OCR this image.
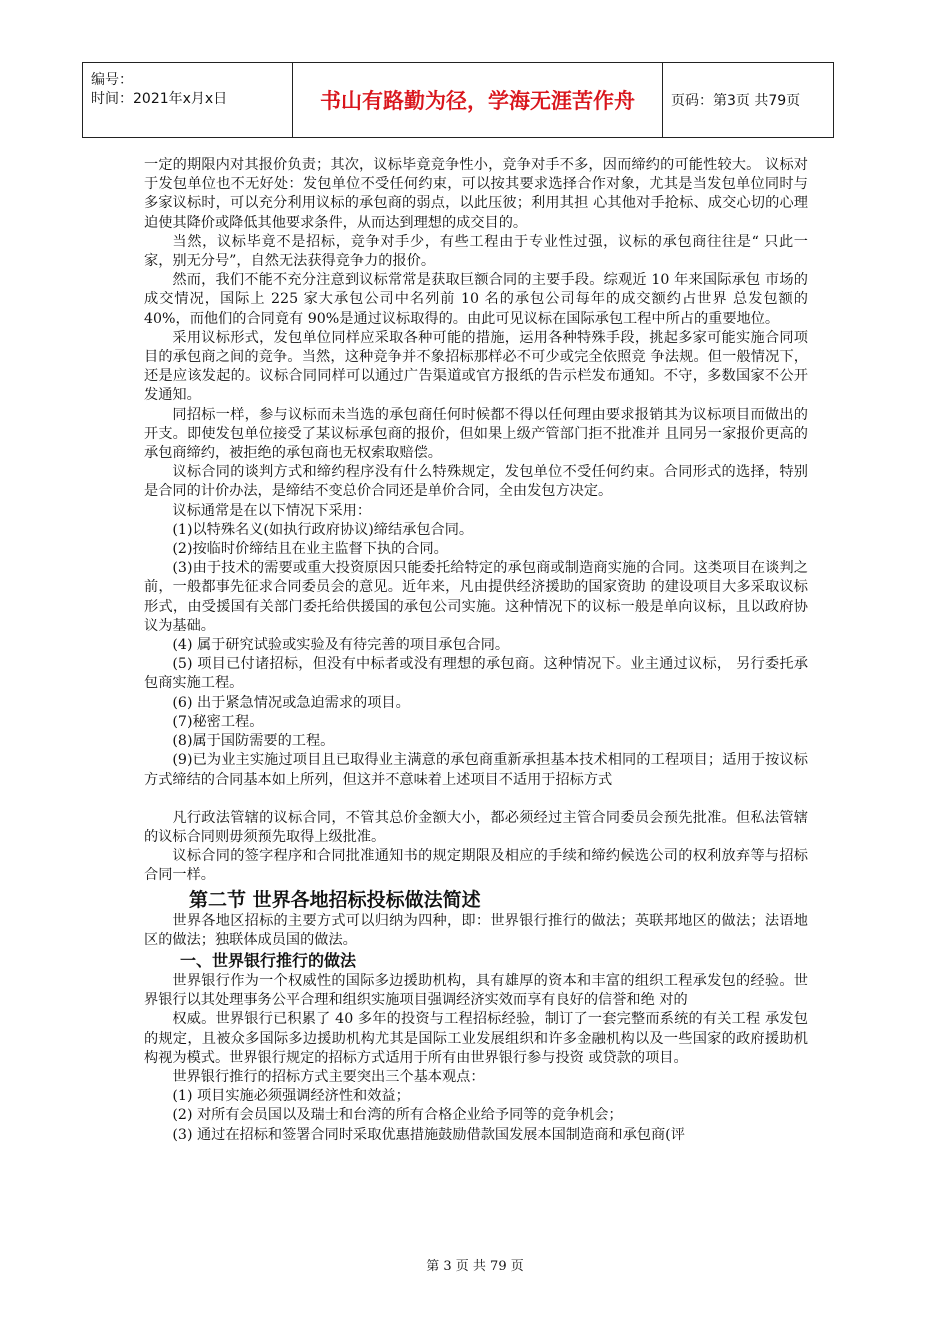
编号：
时间：2021年x月x日	书山有路勤为径，学海无涯苦作舟	页码：第3页 共79页

一定的期限内对其报价负责；其次，议标毕竟竞争性小，竞争对手不多，因而缔约的可能性较大。 议标对于发包单位也不无好处：发包单位不受任何约束，可以按其要求选择合作对象，尤其是当发包单位同时与多家议标时，可以充分利用议标的承包商的弱点，以此压彼；利用其担 心其他对手抢标、成交心切的心理迫使其降价或降低其他要求条件，从而达到理想的成交目的。

当然，议标毕竟不是招标，竞争对手少，有些工程由于专业性过强，议标的承包商往往是“ 只此一家，别无分号”，自然无法获得竞争力的报价。

然而，我们不能不充分注意到议标常常是获取巨额合同的主要手段。综观近 10 年来国际承包 市场的成交情况，国际上 225 家大承包公司中名列前 10 名的承包公司每年的成交额约占世界 总发包额的 40%，而他们的合同竟有 90%是通过议标取得的。由此可见议标在国际承包工程中所占的重要地位。

采用议标形式，发包单位同样应采取各种可能的措施，运用各种特殊手段，挑起多家可能实施合同项目的承包商之间的竞争。当然，这种竞争并不象招标那样必不可少或完全依照竞 争法规。但一般情况下，还是应该发起的。议标合同同样可以通过广告渠道或官方报纸的告示栏发布通知。不守，多数国家不公开发通知。

同招标一样，参与议标而未当选的承包商任何时候都不得以任何理由要求报销其为议标项目而做出的开支。即使发包单位接受了某议标承包商的报价，但如果上级产管部门拒不批准并 且同另一家报价更高的承包商缔约，被拒绝的承包商也无权索取赔偿。

议标合同的谈判方式和缔约程序没有什么特殊规定，发包单位不受任何约束。合同形式的选择，特别是合同的计价办法，是缔结不变总价合同还是单价合同，全由发包方决定。

议标通常是在以下情况下采用：

(1)以特殊名义(如执行政府协议)缔结承包合同。

(2)按临时价缔结且在业主监督下执的合同。

(3)由于技术的需要或重大投资原因只能委托给特定的承包商或制造商实施的合同。这类项目在谈判之前，一般都事先征求合同委员会的意见。近年来，凡由提供经济援助的国家资助 的建设项目大多采取议标形式，由受援国有关部门委托给供援国的承包公司实施。这种情况下的议标一般是单向议标，且以政府协议为基础。

(4) 属于研究试验或实验及有待完善的项目承包合同。

(5) 项目已付诸招标，但没有中标者或没有理想的承包商。这种情况下。业主通过议标， 另行委托承包商实施工程。

(6) 出于紧急情况或急迫需求的项目。

(7)秘密工程。

(8)属于国防需要的工程。

(9)已为业主实施过项目且已取得业主满意的承包商重新承担基本技术相同的工程项目；适用于按议标方式缔结的合同基本如上所列，但这并不意味着上述项目不适用于招标方式

凡行政法管辖的议标合同，不管其总价金额大小，都必须经过主管合同委员会预先批准。但私法管辖的议标合同则毋须预先取得上级批准。

议标合同的签字程序和合同批准通知书的规定期限及相应的手续和缔约候选公司的权利放弃等与招标合同一样。

第二节 世界各地招标投标做法简述

世界各地区招标的主要方式可以归纳为四种，即：世界银行推行的做法；英联邦地区的做法；法语地区的做法；独联体成员国的做法。

一、世界银行推行的做法

世界银行作为一个权威性的国际多边援助机构，具有雄厚的资本和丰富的组织工程承发包的经验。世界银行以其处理事务公平合理和组织实施项目强调经济实效而享有良好的信誉和绝 对的

权威。世界银行已积累了 40 多年的投资与工程招标经验，制订了一套完整而系统的有关工程 承发包的规定，且被众多国际多边援助机构尤其是国际工业发展组织和许多金融机构以及一些国家的政府援助机构视为模式。世界银行规定的招标方式适用于所有由世界银行参与投资 或贷款的项目。

世界银行推行的招标方式主要突出三个基本观点：

(1) 项目实施必须强调经济性和效益；

(2) 对所有会员国以及瑞士和台湾的所有合格企业给予同等的竞争机会；

(3) 通过在招标和签署合同时采取优惠措施鼓励借款国发展本国制造商和承包商(评

第 3 页 共 79 页
